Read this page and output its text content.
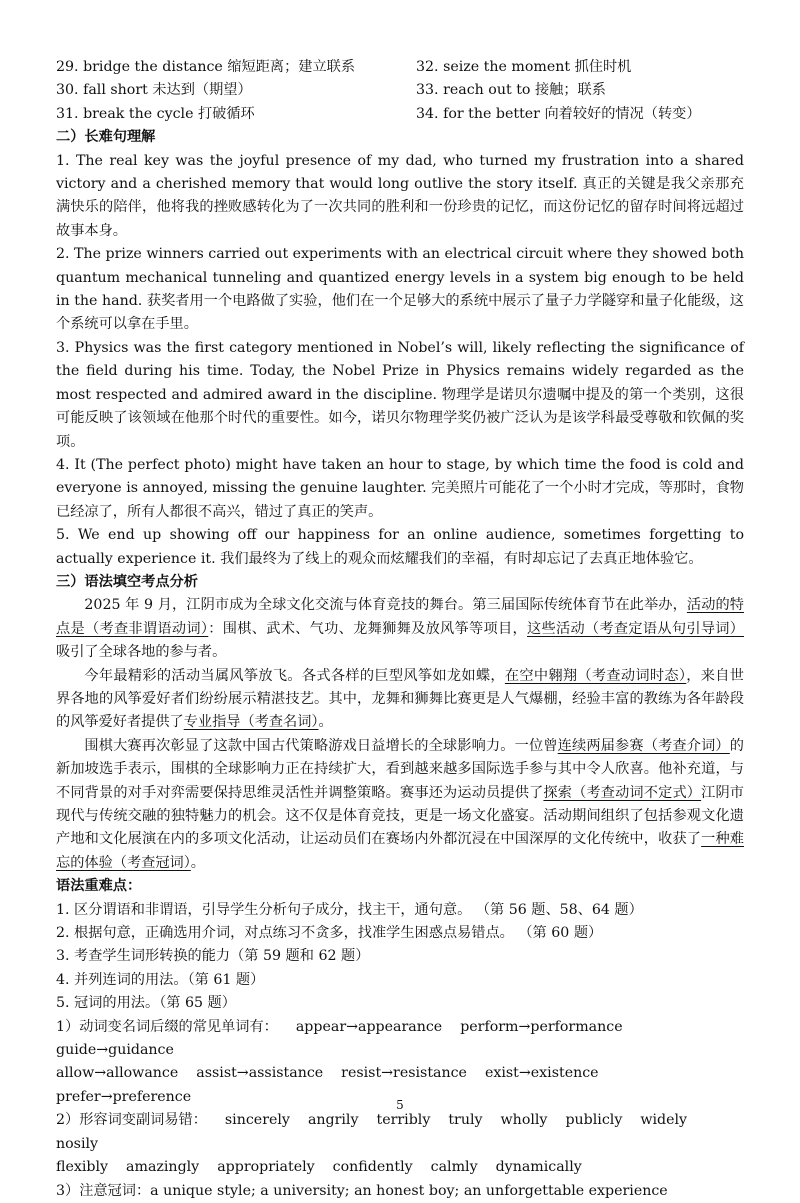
29. bridge the distance 缩短距离；建立联系	32. seize the moment 抓住时机
30. fall short 未达到（期望）	33. reach out to 接触；联系
31. break the cycle 打破循环	34. for the better 向着较好的情况（转变）
二）长难句理解
1. The real key was the joyful presence of my dad, who turned my frustration into a shared victory and a cherished memory that would long outlive the story itself. 真正的关键是我父亲那充满快乐的陪伴，他将我的挫败感转化为了一次共同的胜利和一份珍贵的记忆，而这份记忆的留存时间将远超过故事本身。
2. The prize winners carried out experiments with an electrical circuit where they showed both quantum mechanical tunneling and quantized energy levels in a system big enough to be held in the hand. 获奖者用一个电路做了实验，他们在一个足够大的系统中展示了量子力学隧穿和量子化能级，这个系统可以拿在手里。
3. Physics was the first category mentioned in Nobel’s will, likely reflecting the significance of the field during his time. Today, the Nobel Prize in Physics remains widely regarded as the most respected and admired award in the discipline. 物理学是诺贝尔遗嘱中提及的第一个类别，这很可能反映了该领域在他那个时代的重要性。如今，诺贝尔物理学奖仍被广泛认为是该学科最受尊敬和钦佩的奖项。
4. It (The perfect photo) might have taken an hour to stage, by which time the food is cold and everyone is annoyed, missing the genuine laughter. 完美照片可能花了一个小时才完成，等那时，食物已经凉了，所有人都很不高兴，错过了真正的笑声。
5. We end up showing off our happiness for an online audience, sometimes forgetting to actually experience it. 我们最终为了线上的观众而炫耀我们的幸福，有时却忘记了去真正地体验它。
三）语法填空考点分析
2025 年 9 月，江阴市成为全球文化交流与体育竞技的舞台。第三届国际传统体育节在此举办，活动的特点是（考查非谓语动词）：围棋、武术、气功、龙舞狮舞及放风筝等项目，这些活动（考查定语从句引导词）吸引了全球各地的参与者。
今年最精彩的活动当属风筝放飞。各式各样的巨型风筝如龙如蝶，在空中翱翔（考查动词时态），来自世界各地的风筝爱好者们纷纷展示精湛技艺。其中，龙舞和狮舞比赛更是人气爆棚，经验丰富的教练为各年龄段的风筝爱好者提供了专业指导（考查名词）。
围棋大赛再次彰显了这款中国古代策略游戏日益增长的全球影响力。一位曾连续两届参赛（考查介词）的新加坡选手表示，围棋的全球影响力正在持续扩大，看到越来越多国际选手参与其中令人欣喜。他补充道，与不同背景的对手对弈需要保持思维灵活性并调整策略。赛事还为运动员提供了探索（考查动词不定式）江阴市现代与传统交融的独特魅力的机会。这不仅是体育竞技，更是一场文化盛宴。活动期间组织了包括参观文化遗产地和文化展演在内的多项文化活动，让运动员们在赛场内外都沉浸在中国深厚的文化传统中，收获了一种难忘的体验（考查冠词）。
语法重难点：
1. 区分谓语和非谓语，引导学生分析句子成分，找主干，通句意。 （第 56 题、58、64 题）
2. 根据句意，正确选用介词，对点练习不贪多，找准学生困惑点易错点。 （第 60 题）
3. 考查学生词形转换的能力（第 59 题和 62 题）
4. 并列连词的用法。（第 61 题）
5. 冠词的用法。（第 65 题）
1）动词变名词后缀的常见单词有： appear→appearance perform→performanceguide→guidance
allow→allowance assist→assistance resist→resistance exist→existenceprefer→preference
2）形容词变副词易错： sincerely angrily terribly truly wholly publicly widelynosily
flexibly amazingly appropriately confidently calmly dynamically
3）注意冠词：a unique style; a university; an honest boy; an unforgettable experience
5
